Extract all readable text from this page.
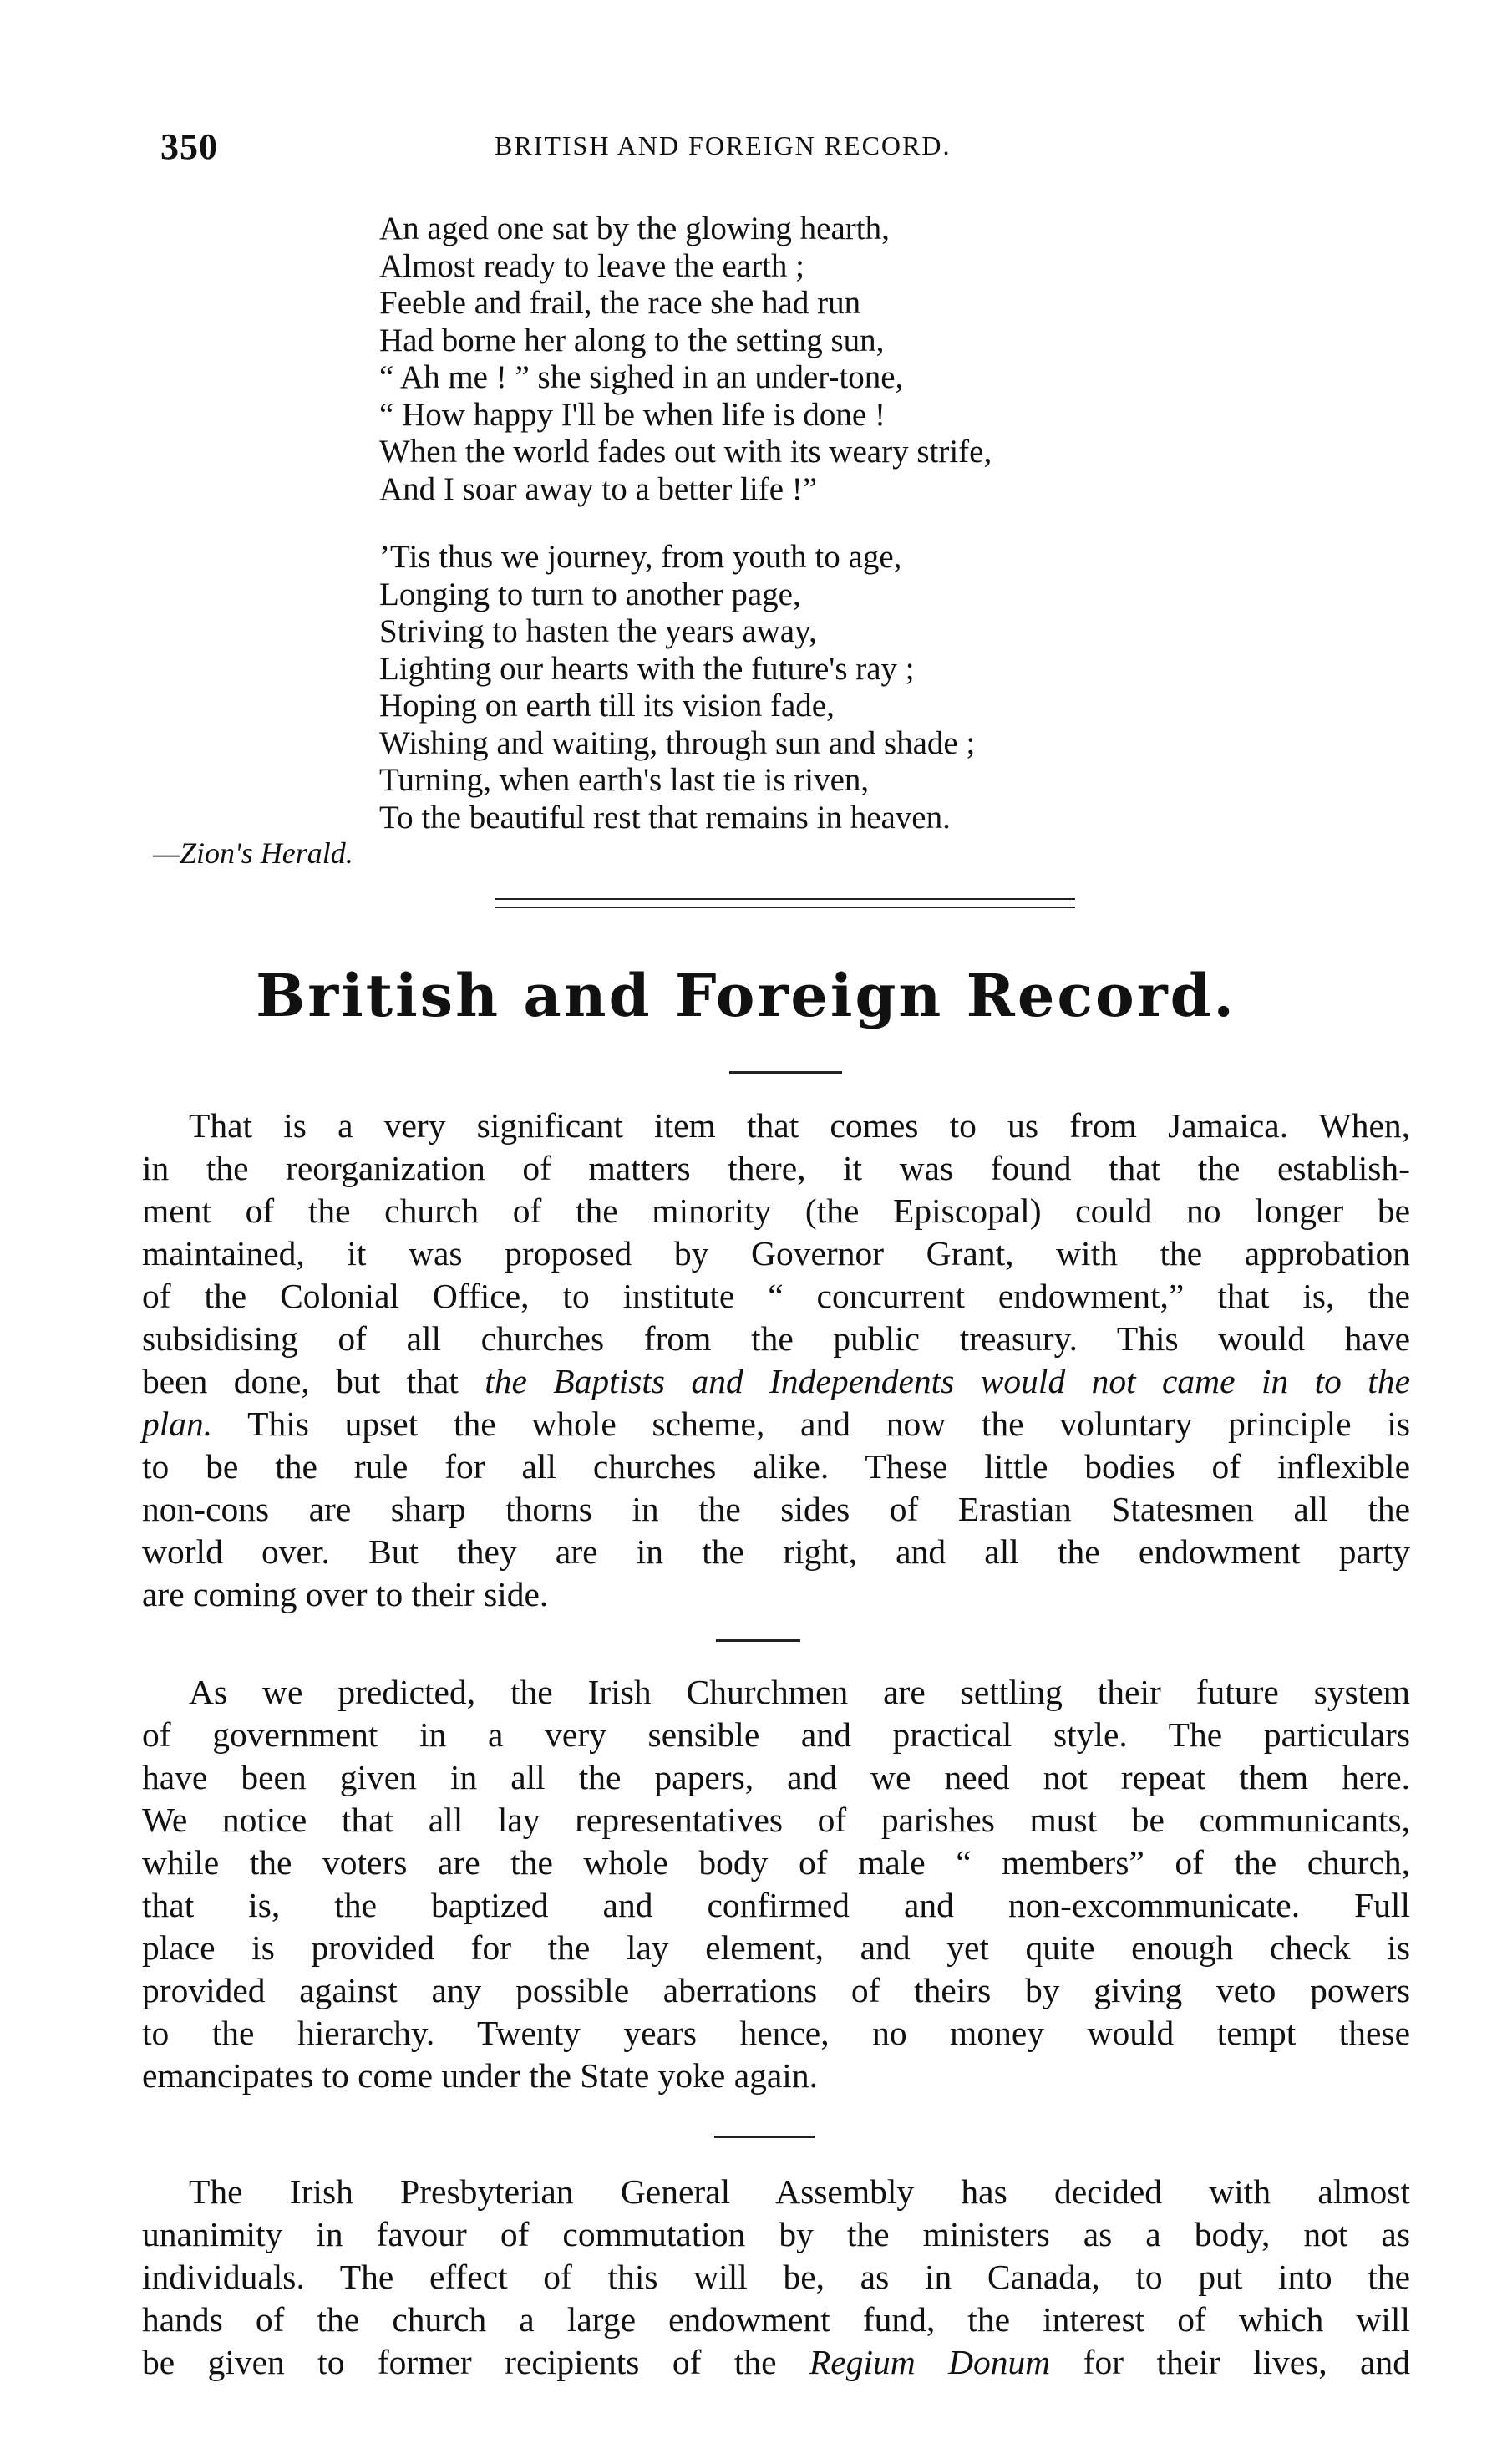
350	BRITISH AND FOREIGN RECORD.
An aged one sat by the glowing hearth,
Almost ready to leave the earth ;
Feeble and frail, the race she had run
Had borne her along to the setting sun,
“ Ah me ! ” she sighed in an under-tone,
“ How happy I'll be when life is done !
When the world fades out with its weary strife,
And I soar away to a better life !”
’Tis thus we journey, from youth to age,
Longing to turn to another page,
Striving to hasten the years away,
Lighting our hearts with the future's ray ;
Hoping on earth till its vision fade,
Wishing and waiting, through sun and shade ;
Turning, when earth's last tie is riven,
To the beautiful rest that remains in heaven.
—Zion's Herald.
British and Foreign Record.
That is a very significant item that comes to us from Jamaica. When,
in the reorganization of matters there, it was found that the establish-
ment of the church of the minority (the Episcopal) could no longer be
maintained, it was proposed by Governor Grant, with the approbation
of the Colonial Office, to institute “ concurrent endowment,” that is, the
subsidising of all churches from the public treasury. This would have
been done, but that the Baptists and Independents would not came in to the
plan. This upset the whole scheme, and now the voluntary principle is
to be the rule for all churches alike. These little bodies of inflexible
non-cons are sharp thorns in the sides of Erastian Statesmen all the
world over. But they are in the right, and all the endowment party
are coming over to their side.
As we predicted, the Irish Churchmen are settling their future system
of government in a very sensible and practical style. The particulars
have been given in all the papers, and we need not repeat them here.
We notice that all lay representatives of parishes must be communicants,
while the voters are the whole body of male “ members” of the church,
that is, the baptized and confirmed and non-excommunicate. Full
place is provided for the lay element, and yet quite enough check is
provided against any possible aberrations of theirs by giving veto powers
to the hierarchy. Twenty years hence, no money would tempt these
emancipates to come under the State yoke again.
The Irish Presbyterian General Assembly has decided with almost
unanimity in favour of commutation by the ministers as a body, not as
individuals. The effect of this will be, as in Canada, to put into the
hands of the church a large endowment fund, the interest of which will
be given to former recipients of the Regium Donum for their lives, and
